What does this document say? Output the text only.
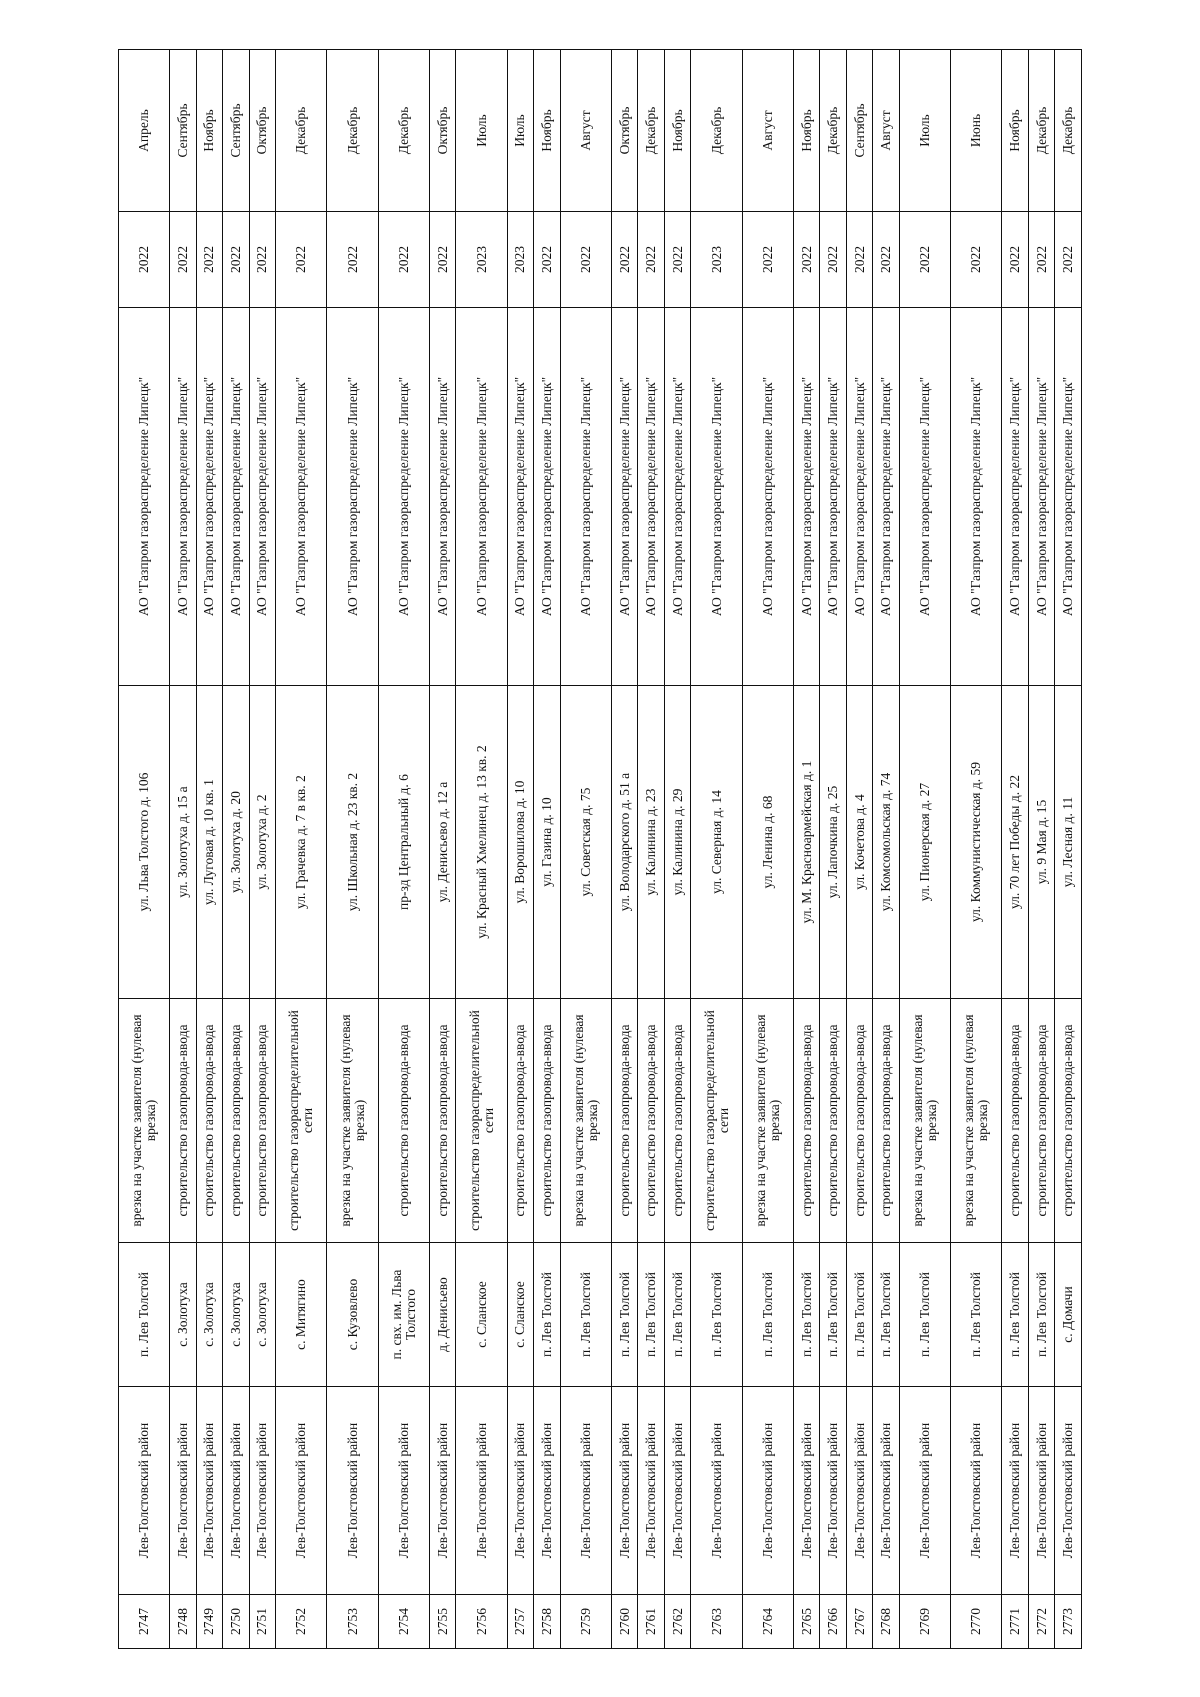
2747	Лев-Толстовский район	п. Лев Толстой	врезка на участке заявителя (нулевая врезка)	ул. Льва Толстого д. 106	АО "Газпром газораспределение Липецк"	2022	Апрель
2748	Лев-Толстовский район	с. Золотуха	строительство газопровода-ввода	ул. Золотуха д. 15 а	АО "Газпром газораспределение Липецк"	2022	Сентябрь
2749	Лев-Толстовский район	с. Золотуха	строительство газопровода-ввода	ул. Луговая д. 10 кв. 1	АО "Газпром газораспределение Липецк"	2022	Ноябрь
2750	Лев-Толстовский район	с. Золотуха	строительство газопровода-ввода	ул. Золотуха д. 20	АО "Газпром газораспределение Липецк"	2022	Сентябрь
2751	Лев-Толстовский район	с. Золотуха	строительство газопровода-ввода	ул. Золотуха д. 2	АО "Газпром газораспределение Липецк"	2022	Октябрь
2752	Лев-Толстовский район	с. Митягино	строительство газораспределительной сети	ул. Грачевка д. 7 в кв. 2	АО "Газпром газораспределение Липецк"	2022	Декабрь
2753	Лев-Толстовский район	с. Кузовлево	врезка на участке заявителя (нулевая врезка)	ул. Школьная д. 23 кв. 2	АО "Газпром газораспределение Липецк"	2022	Декабрь
2754	Лев-Толстовский район	п. свх. им. Льва Толстого	строительство газопровода-ввода	пр-зд Центральный д. 6	АО "Газпром газораспределение Липецк"	2022	Декабрь
2755	Лев-Толстовский район	д. Денисьево	строительство газопровода-ввода	ул. Денисьево д. 12 а	АО "Газпром газораспределение Липецк"	2022	Октябрь
2756	Лев-Толстовский район	с. Сланское	строительство газораспределительной сети	ул. Красный Хмелинец д. 13 кв. 2	АО "Газпром газораспределение Липецк"	2023	Июль
2757	Лев-Толстовский район	с. Сланское	строительство газопровода-ввода	ул. Ворошилова д. 10	АО "Газпром газораспределение Липецк"	2023	Июль
2758	Лев-Толстовский район	п. Лев Толстой	строительство газопровода-ввода	ул. Газина д. 10	АО "Газпром газораспределение Липецк"	2022	Ноябрь
2759	Лев-Толстовский район	п. Лев Толстой	врезка на участке заявителя (нулевая врезка)	ул. Советская д. 75	АО "Газпром газораспределение Липецк"	2022	Август
2760	Лев-Толстовский район	п. Лев Толстой	строительство газопровода-ввода	ул. Володарского д. 51 а	АО "Газпром газораспределение Липецк"	2022	Октябрь
2761	Лев-Толстовский район	п. Лев Толстой	строительство газопровода-ввода	ул. Калинина д. 23	АО "Газпром газораспределение Липецк"	2022	Декабрь
2762	Лев-Толстовский район	п. Лев Толстой	строительство газопровода-ввода	ул. Калинина д. 29	АО "Газпром газораспределение Липецк"	2022	Ноябрь
2763	Лев-Толстовский район	п. Лев Толстой	строительство газораспределительной сети	ул. Северная д. 14	АО "Газпром газораспределение Липецк"	2023	Декабрь
2764	Лев-Толстовский район	п. Лев Толстой	врезка на участке заявителя (нулевая врезка)	ул. Ленина д. 68	АО "Газпром газораспределение Липецк"	2022	Август
2765	Лев-Толстовский район	п. Лев Толстой	строительство газопровода-ввода	ул. М. Красноармейская д. 1	АО "Газпром газораспределение Липецк"	2022	Ноябрь
2766	Лев-Толстовский район	п. Лев Толстой	строительство газопровода-ввода	ул. Лапочкина д. 25	АО "Газпром газораспределение Липецк"	2022	Декабрь
2767	Лев-Толстовский район	п. Лев Толстой	строительство газопровода-ввода	ул. Кочетова д. 4	АО "Газпром газораспределение Липецк"	2022	Сентябрь
2768	Лев-Толстовский район	п. Лев Толстой	строительство газопровода-ввода	ул. Комсомольская д. 74	АО "Газпром газораспределение Липецк"	2022	Август
2769	Лев-Толстовский район	п. Лев Толстой	врезка на участке заявителя (нулевая врезка)	ул. Пионерская д. 27	АО "Газпром газораспределение Липецк"	2022	Июль
2770	Лев-Толстовский район	п. Лев Толстой	врезка на участке заявителя (нулевая врезка)	ул. Коммунистическая д. 59	АО "Газпром газораспределение Липецк"	2022	Июнь
2771	Лев-Толстовский район	п. Лев Толстой	строительство газопровода-ввода	ул. 70 лет Победы д. 22	АО "Газпром газораспределение Липецк"	2022	Ноябрь
2772	Лев-Толстовский район	п. Лев Толстой	строительство газопровода-ввода	ул. 9 Мая д. 15	АО "Газпром газораспределение Липецк"	2022	Декабрь
2773	Лев-Толстовский район	с. Домачи	строительство газопровода-ввода	ул. Лесная д. 11	АО "Газпром газораспределение Липецк"	2022	Декабрь
